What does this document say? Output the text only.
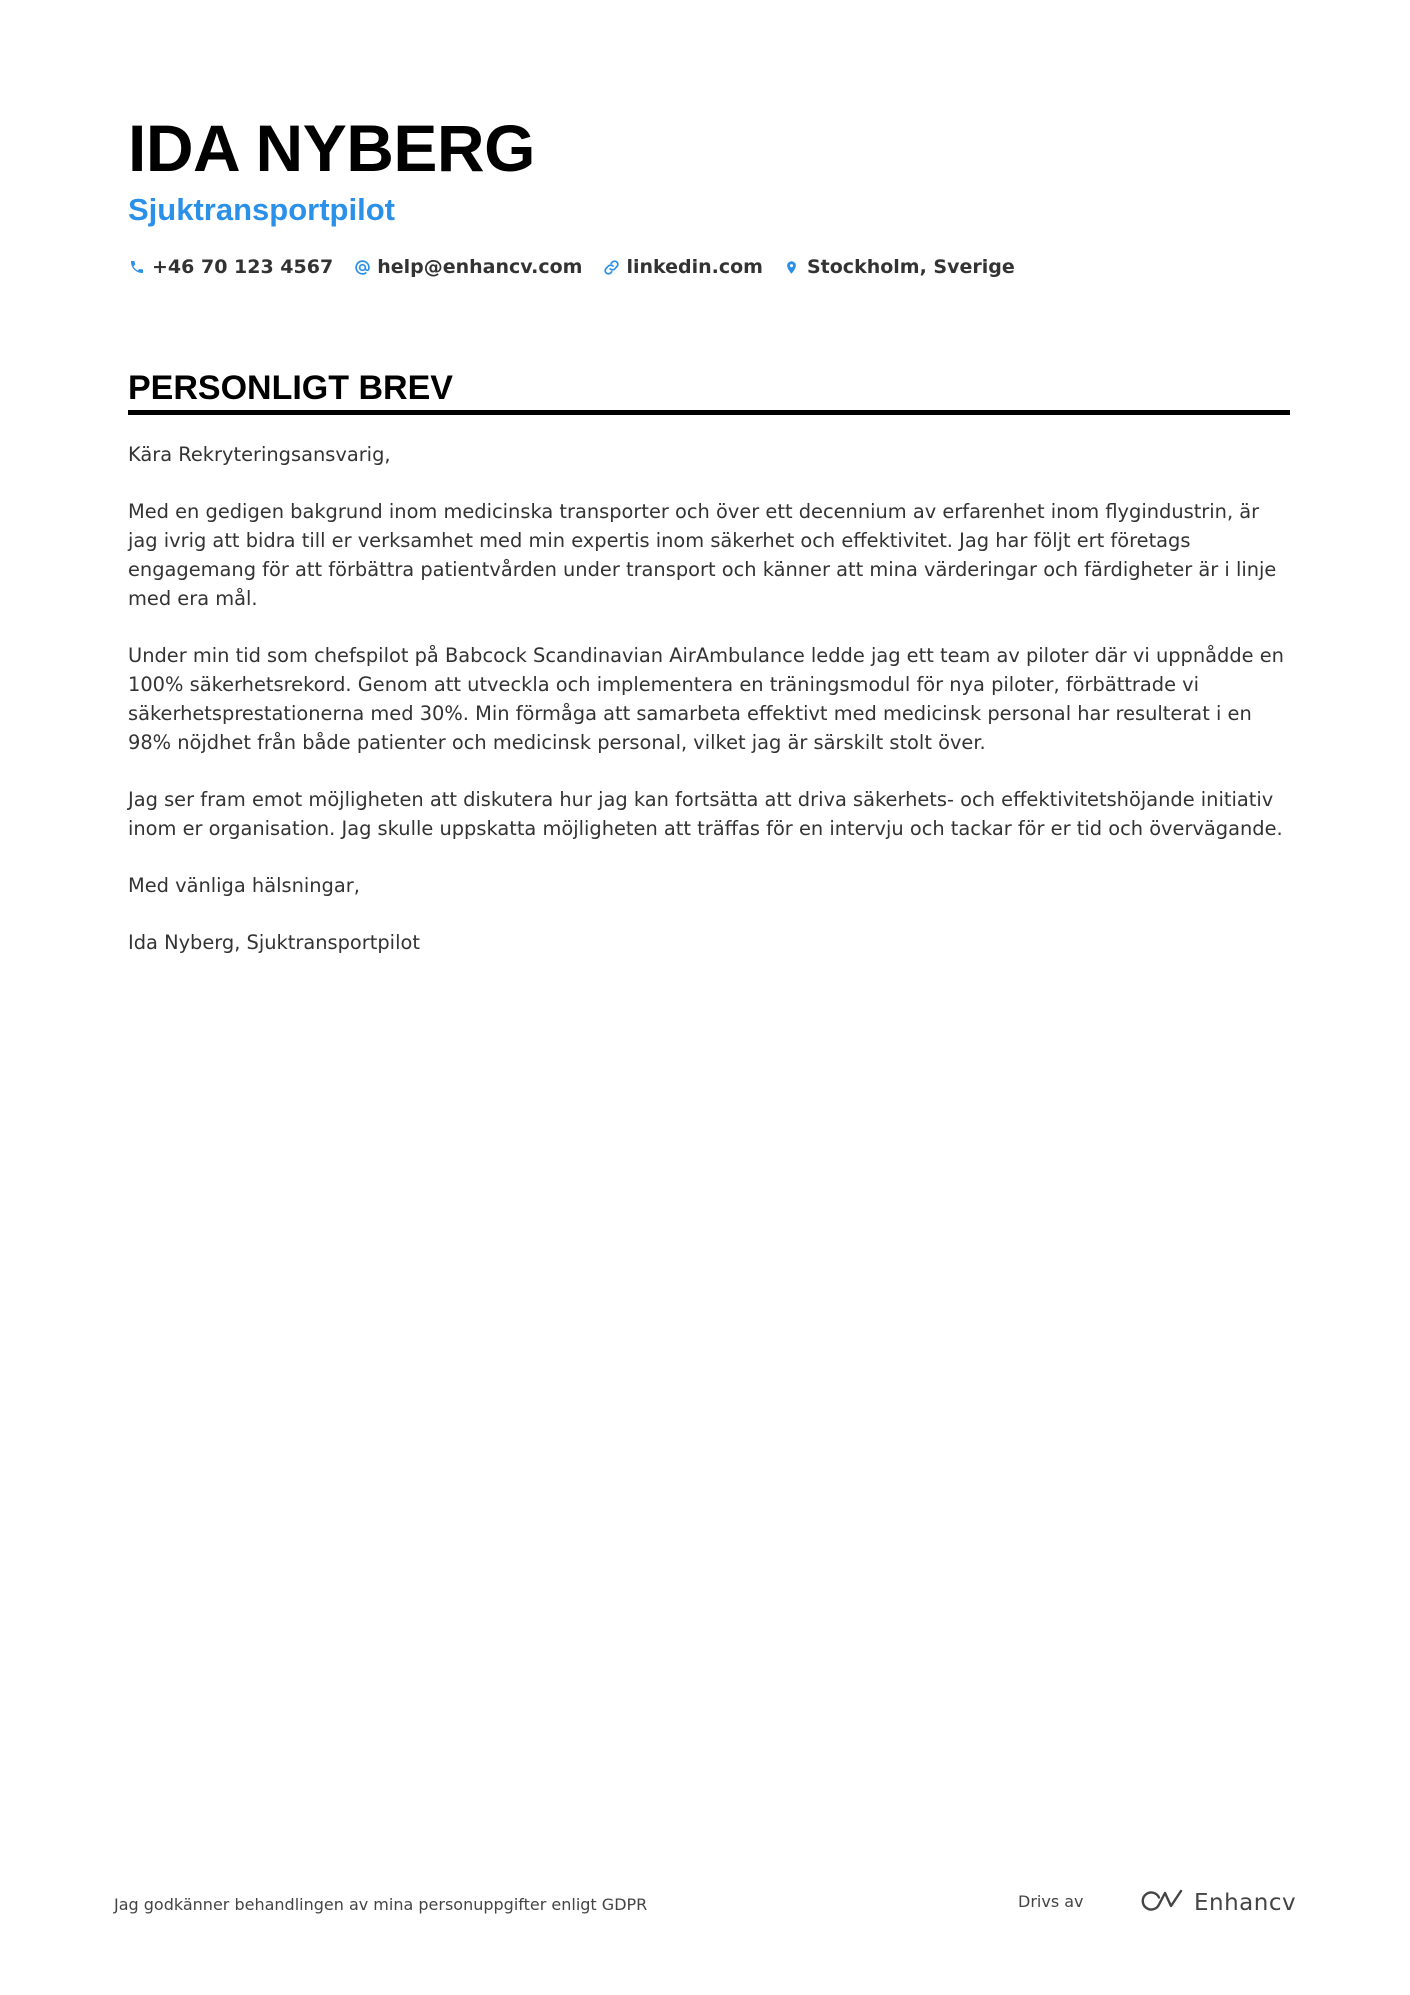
IDA NYBERG
Sjuktransportpilot
+46 70 123 4567 help@enhancv.com linkedin.com Stockholm, Sverige
PERSONLIGT BREV

Kära Rekryteringsansvarig,

Med en gedigen bakgrund inom medicinska transporter och över ett decennium av erfarenhet inom flygindustrin, är jag ivrig att bidra till er verksamhet med min expertis inom säkerhet och effektivitet. Jag har följt ert företags engagemang för att förbättra patientvården under transport och känner att mina värderingar och färdigheter är i linje med era mål.

Under min tid som chefspilot på Babcock Scandinavian AirAmbulance ledde jag ett team av piloter där vi uppnådde en 100% säkerhetsrekord. Genom att utveckla och implementera en träningsmodul för nya piloter, förbättrade vi säkerhetsprestationerna med 30%. Min förmåga att samarbeta effektivt med medicinsk personal har resulterat i en 98% nöjdhet från både patienter och medicinsk personal, vilket jag är särskilt stolt över.

Jag ser fram emot möjligheten att diskutera hur jag kan fortsätta att driva säkerhets- och effektivitetshöjande initiativ inom er organisation. Jag skulle uppskatta möjligheten att träffas för en intervju och tackar för er tid och övervägande.

Med vänliga hälsningar,

Ida Nyberg, Sjuktransportpilot

Jag godkänner behandlingen av mina personuppgifter enligt GDPR	Drivs av	Enhancv
